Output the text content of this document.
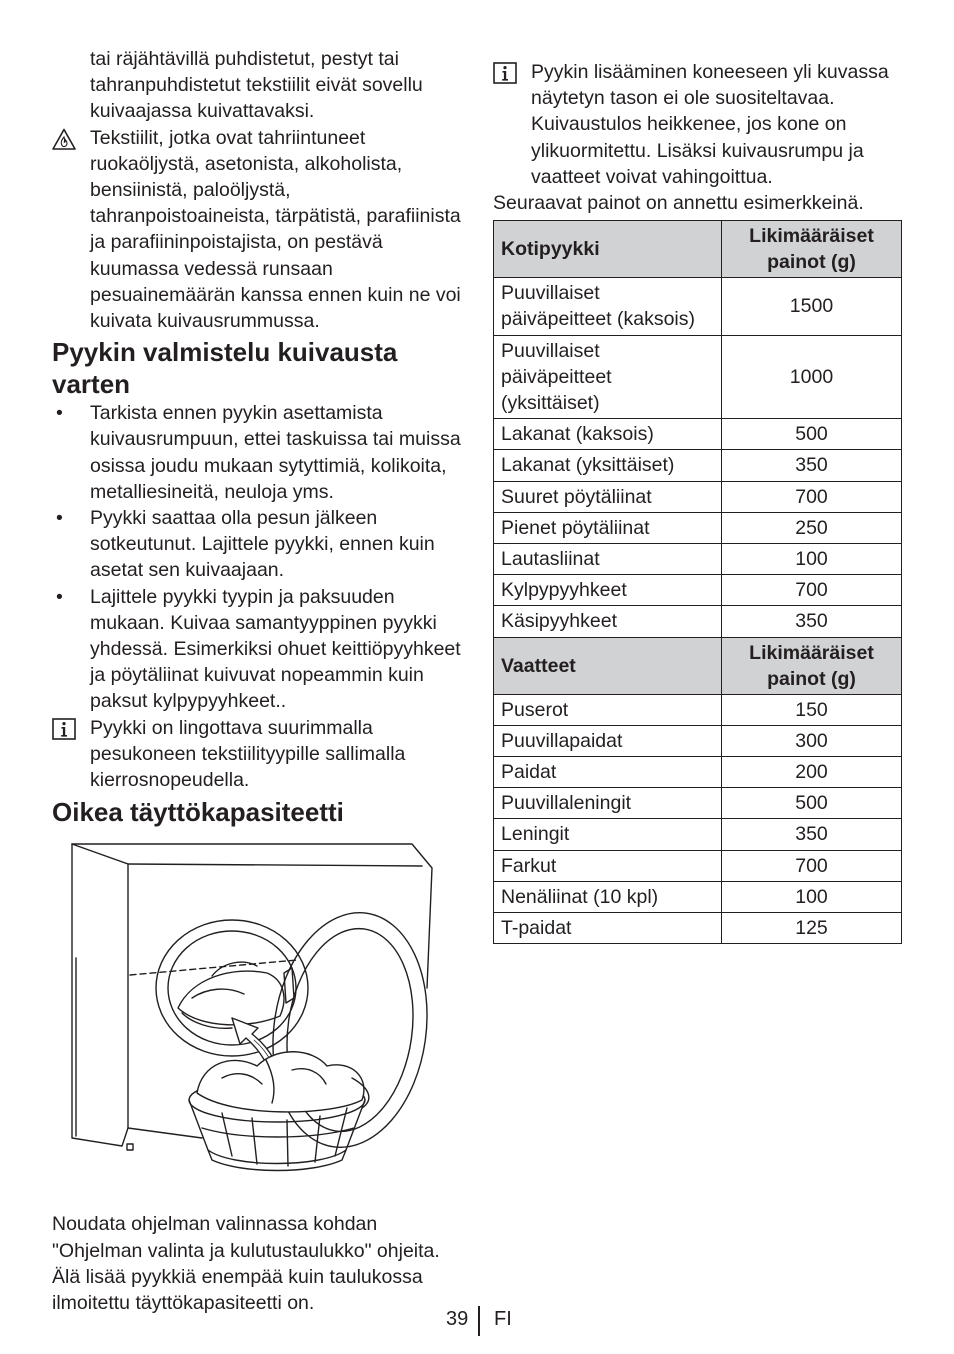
tai räjähtävillä puhdistetut, pestyt tai tahranpuhdistetut tekstiilit eivät sovellu kuivaajassa kuivattavaksi.

Tekstiilit, jotka ovat tahriintuneet ruokaöljystä, asetonista, alkoholista, bensiinistä, paloöljystä, tahranpoistoaineista, tärpätistä, parafiinista ja parafiininpoistajista, on pestävä kuumassa vedessä runsaan pesuainemäärän kanssa ennen kuin ne voi kuivata kuivausrummussa.

Pyykin valmistelu kuivausta varten
• Tarkista ennen pyykin asettamista kuivausrumpuun, ettei taskuissa tai muissa osissa joudu mukaan sytyttimiä, kolikoita, metalliesineitä, neuloja yms.
• Pyykki saattaa olla pesun jälkeen sotkeutunut. Lajittele pyykki, ennen kuin asetat sen kuivaajaan.
• Lajittele pyykki tyypin ja paksuuden mukaan. Kuivaa samantyyppinen pyykki yhdessä. Esimerkiksi ohuet keittiöpyyhkeet ja pöytäliinat kuivuvat nopeammin kuin paksut kylpypyyhkeet..

Pyykki on lingottava suurimmalla pesukoneen tekstiilityypille sallimalla kierrosnopeudella.

Oikea täyttökapasiteetti

Noudata ohjelman valinnassa kohdan "Ohjelman valinta ja kulutustaulukko" ohjeita. Älä lisää pyykkiä enempää kuin taulukossa ilmoitettu täyttökapasiteetti on.

Pyykin lisääminen koneeseen yli kuvassa näytetyn tason ei ole suositeltavaa. Kuivaustulos heikkenee, jos kone on ylikuormitettu. Lisäksi kuivausrumpu ja vaatteet voivat vahingoittua.

Seuraavat painot on annettu esimerkkeinä.

Kotipyykki	Likimääräiset painot (g)
Puuvillaiset päiväpeitteet (kaksois)	1500
Puuvillaiset päiväpeitteet (yksittäiset)	1000
Lakanat (kaksois)	500
Lakanat (yksittäiset)	350
Suuret pöytäliinat	700
Pienet pöytäliinat	250
Lautasliinat	100
Kylpypyyhkeet	700
Käsipyyhkeet	350
Vaatteet	Likimääräiset painot (g)
Puserot	150
Puuvillapaidat	300
Paidat	200
Puuvillaleningit	500
Leningit	350
Farkut	700
Nenäliinat (10 kpl)	100
T-paidat	125
39 FI
